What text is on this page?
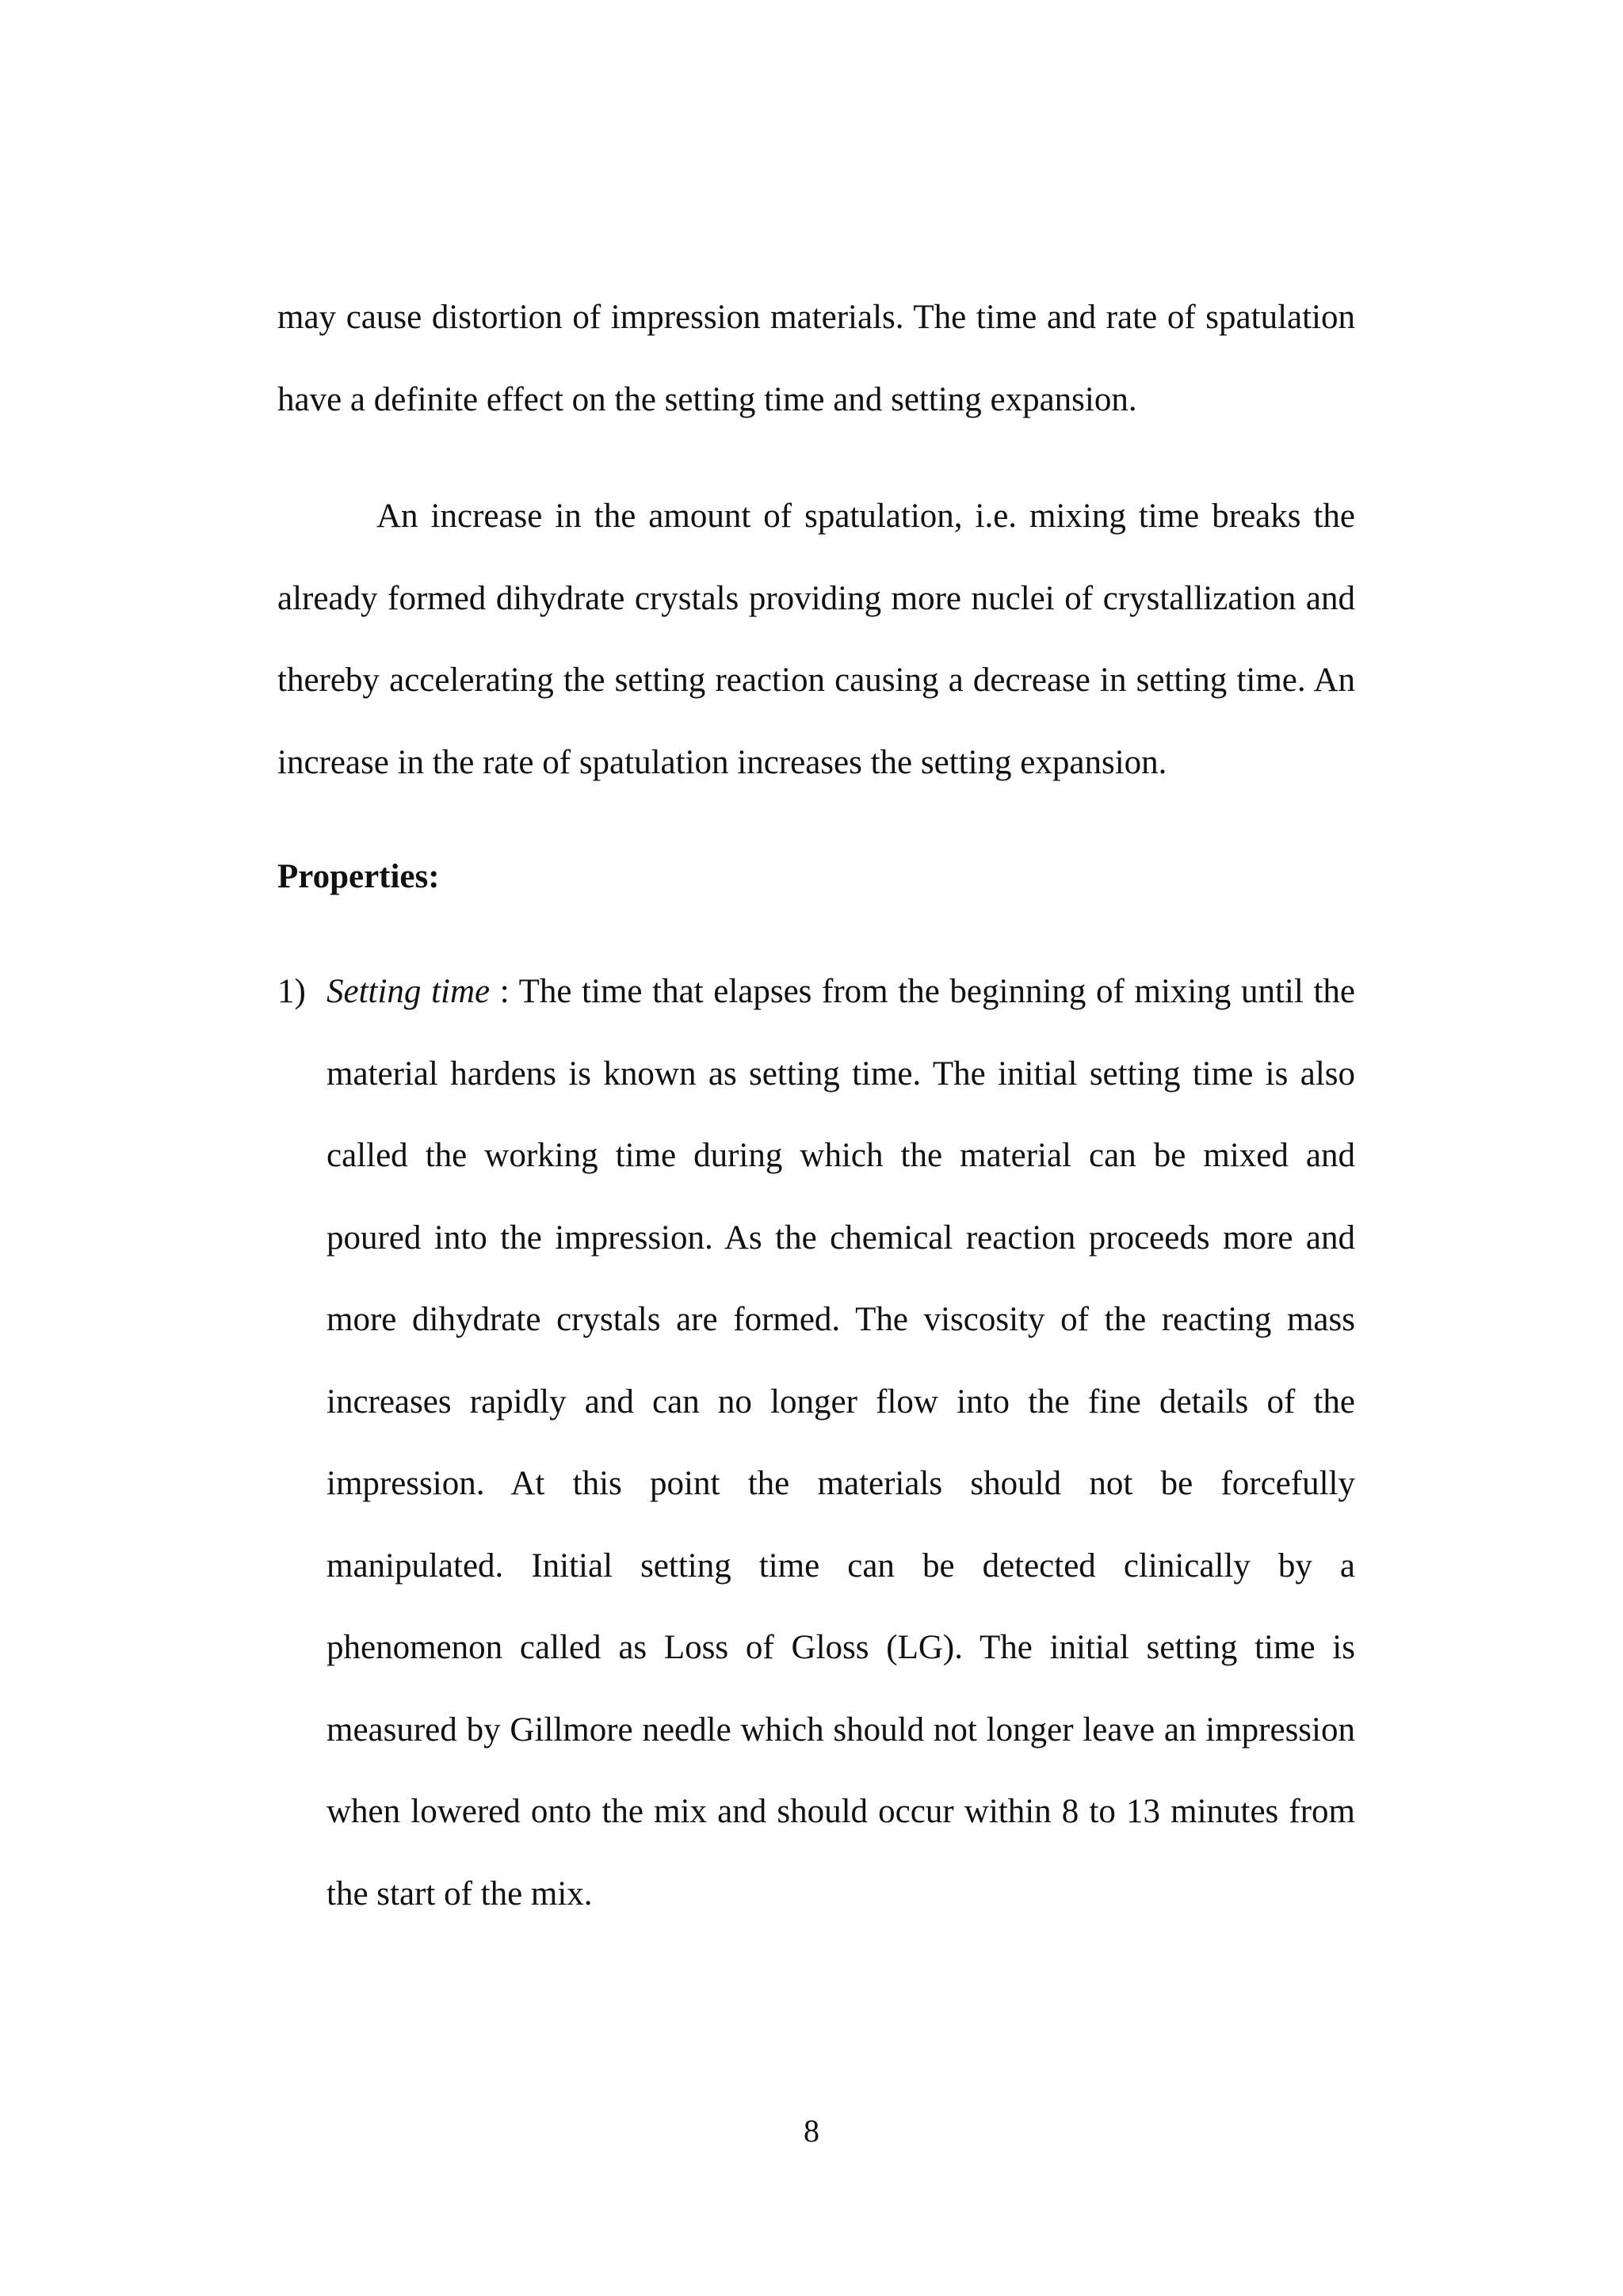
may cause distortion of impression materials. The time and rate of spatulation have a definite effect on the setting time and setting expansion.

An increase in the amount of spatulation, i.e. mixing time breaks the already formed dihydrate crystals providing more nuclei of crystallization and thereby accelerating the setting reaction causing a decrease in setting time. An increase in the rate of spatulation increases the setting expansion.

Properties:
1) Setting time : The time that elapses from the beginning of mixing until the material hardens is known as setting time. The initial setting time is also called the working time during which the material can be mixed and poured into the impression. As the chemical reaction proceeds more and more dihydrate crystals are formed. The viscosity of the reacting mass increases rapidly and can no longer flow into the fine details of the impression. At this point the materials should not be forcefully manipulated. Initial setting time can be detected clinically by a phenomenon called as Loss of Gloss (LG). The initial setting time is measured by Gillmore needle which should not longer leave an impression when lowered onto the mix and should occur within 8 to 13 minutes from the start of the mix.
8
